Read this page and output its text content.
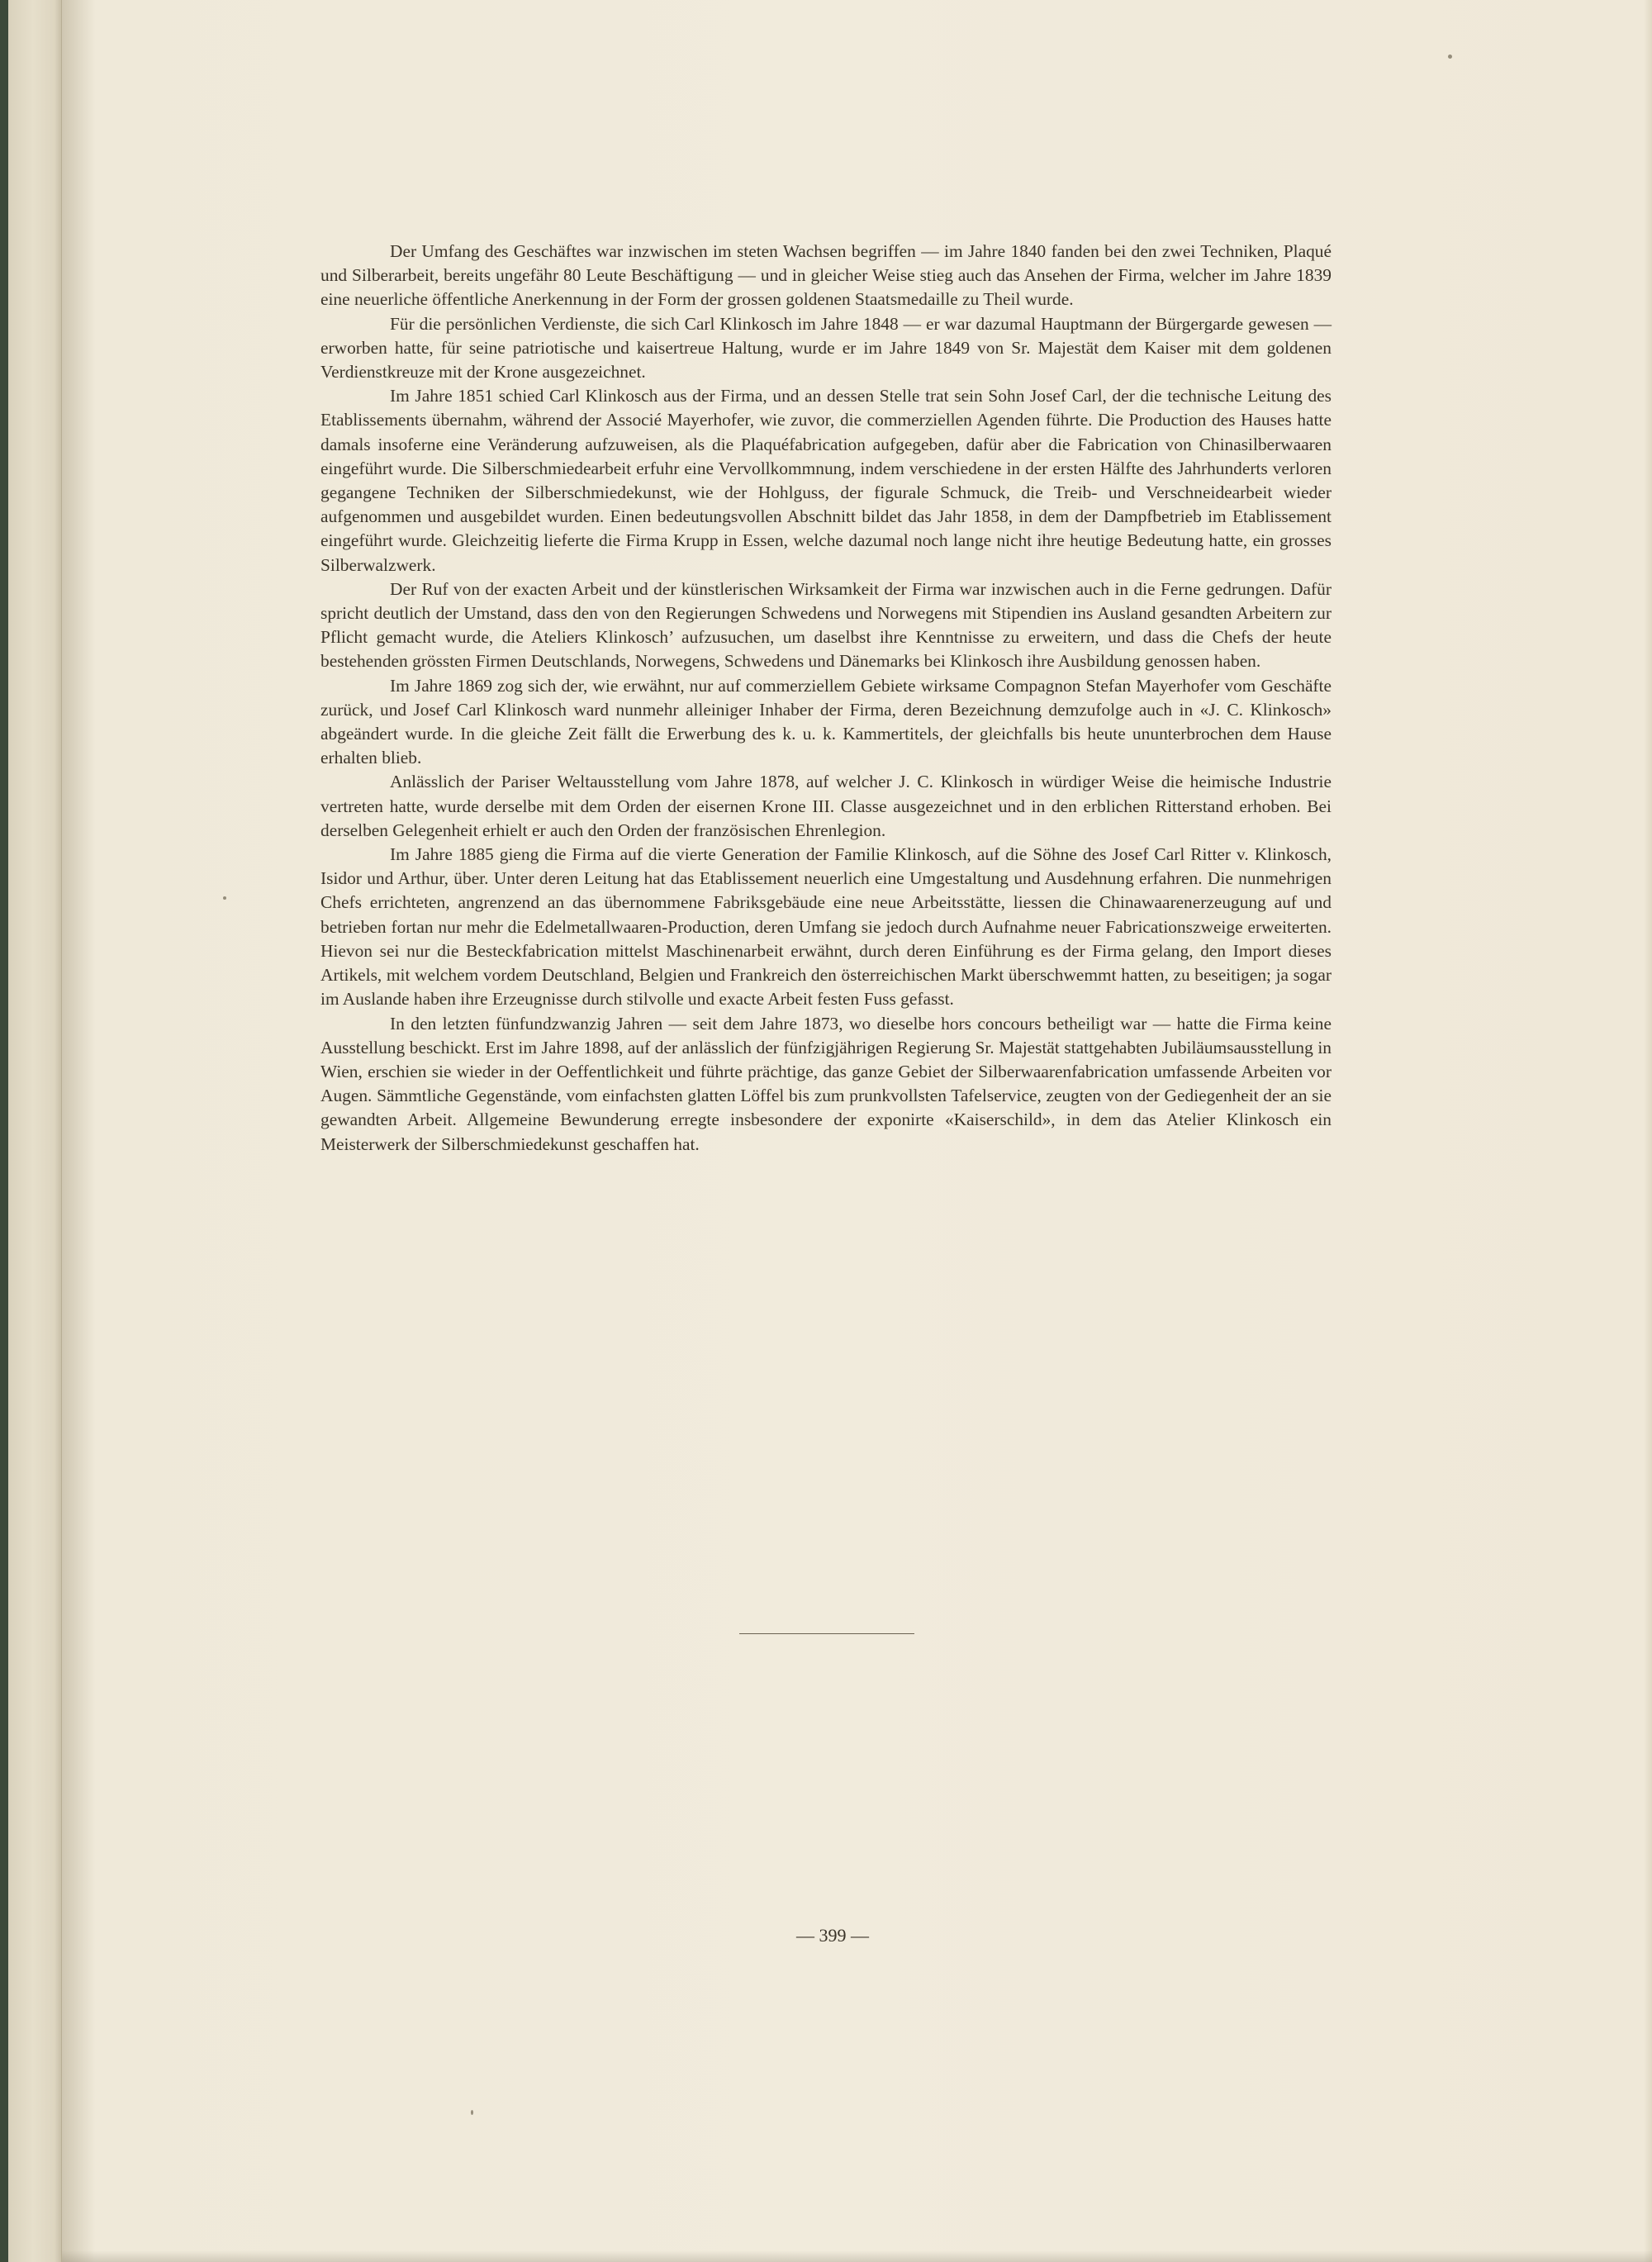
Der Umfang des Geschäftes war inzwischen im steten Wachsen begriffen — im Jahre 1840 fanden bei den zwei Techniken, Plaqué und Silberarbeit, bereits ungefähr 80 Leute Beschäftigung — und in gleicher Weise stieg auch das Ansehen der Firma, welcher im Jahre 1839 eine neuerliche öffentliche Anerkennung in der Form der grossen goldenen Staatsmedaille zu Theil wurde.

Für die persönlichen Verdienste, die sich Carl Klinkosch im Jahre 1848 — er war dazumal Hauptmann der Bürgergarde gewesen — erworben hatte, für seine patriotische und kaisertreue Haltung, wurde er im Jahre 1849 von Sr. Majestät dem Kaiser mit dem goldenen Verdienstkreuze mit der Krone ausgezeichnet.

Im Jahre 1851 schied Carl Klinkosch aus der Firma, und an dessen Stelle trat sein Sohn Josef Carl, der die technische Leitung des Etablissements übernahm, während der Associé Mayerhofer, wie zuvor, die commerziellen Agenden führte. Die Production des Hauses hatte damals insoferne eine Veränderung aufzuweisen, als die Plaquéfabrication aufgegeben, dafür aber die Fabrication von Chinasilberwaaren eingeführt wurde. Die Silberschmiedearbeit erfuhr eine Vervollkommnung, indem verschiedene in der ersten Hälfte des Jahrhunderts verloren gegangene Techniken der Silberschmiedekunst, wie der Hohlguss, der figurale Schmuck, die Treib- und Verschneidearbeit wieder aufgenommen und ausgebildet wurden. Einen bedeutungsvollen Abschnitt bildet das Jahr 1858, in dem der Dampfbetrieb im Etablissement eingeführt wurde. Gleichzeitig lieferte die Firma Krupp in Essen, welche dazumal noch lange nicht ihre heutige Bedeutung hatte, ein grosses Silberwalzwerk.

Der Ruf von der exacten Arbeit und der künstlerischen Wirksamkeit der Firma war inzwischen auch in die Ferne gedrungen. Dafür spricht deutlich der Umstand, dass den von den Regierungen Schwedens und Norwegens mit Stipendien ins Ausland gesandten Arbeitern zur Pflicht gemacht wurde, die Ateliers Klinkosch’ aufzusuchen, um daselbst ihre Kenntnisse zu erweitern, und dass die Chefs der heute bestehenden grössten Firmen Deutschlands, Norwegens, Schwedens und Dänemarks bei Klinkosch ihre Ausbildung genossen haben.

Im Jahre 1869 zog sich der, wie erwähnt, nur auf commerziellem Gebiete wirksame Compagnon Stefan Mayerhofer vom Geschäfte zurück, und Josef Carl Klinkosch ward nunmehr alleiniger Inhaber der Firma, deren Bezeichnung demzufolge auch in «J. C. Klinkosch» abgeändert wurde. In die gleiche Zeit fällt die Erwerbung des k. u. k. Kammertitels, der gleichfalls bis heute ununterbrochen dem Hause erhalten blieb.

Anlässlich der Pariser Weltausstellung vom Jahre 1878, auf welcher J. C. Klinkosch in würdiger Weise die heimische Industrie vertreten hatte, wurde derselbe mit dem Orden der eisernen Krone III. Classe ausgezeichnet und in den erblichen Ritterstand erhoben. Bei derselben Gelegenheit erhielt er auch den Orden der französischen Ehrenlegion.

Im Jahre 1885 gieng die Firma auf die vierte Generation der Familie Klinkosch, auf die Söhne des Josef Carl Ritter v. Klinkosch, Isidor und Arthur, über. Unter deren Leitung hat das Etablissement neuerlich eine Umgestaltung und Ausdehnung erfahren. Die nunmehrigen Chefs errichteten, angrenzend an das übernommene Fabriksgebäude eine neue Arbeitsstätte, liessen die Chinawaarenerzeugung auf und betrieben fortan nur mehr die Edelmetallwaaren-Production, deren Umfang sie jedoch durch Aufnahme neuer Fabricationszweige erweiterten. Hievon sei nur die Besteckfabrication mittelst Maschinenarbeit erwähnt, durch deren Einführung es der Firma gelang, den Import dieses Artikels, mit welchem vordem Deutschland, Belgien und Frankreich den österreichischen Markt überschwemmt hatten, zu beseitigen; ja sogar im Auslande haben ihre Erzeugnisse durch stilvolle und exacte Arbeit festen Fuss gefasst.

In den letzten fünfundzwanzig Jahren — seit dem Jahre 1873, wo dieselbe hors concours betheiligt war — hatte die Firma keine Ausstellung beschickt. Erst im Jahre 1898, auf der anlässlich der fünfzigjährigen Regierung Sr. Majestät stattgehabten Jubiläumsausstellung in Wien, erschien sie wieder in der Oeffentlichkeit und führte prächtige, das ganze Gebiet der Silberwaarenfabrication umfassende Arbeiten vor Augen. Sämmtliche Gegenstände, vom einfachsten glatten Löffel bis zum prunkvollsten Tafelservice, zeugten von der Gediegenheit der an sie gewandten Arbeit. Allgemeine Bewunderung erregte insbesondere der exponirte «Kaiserschild», in dem das Atelier Klinkosch ein Meisterwerk der Silberschmiedekunst geschaffen hat.

— 399 —
